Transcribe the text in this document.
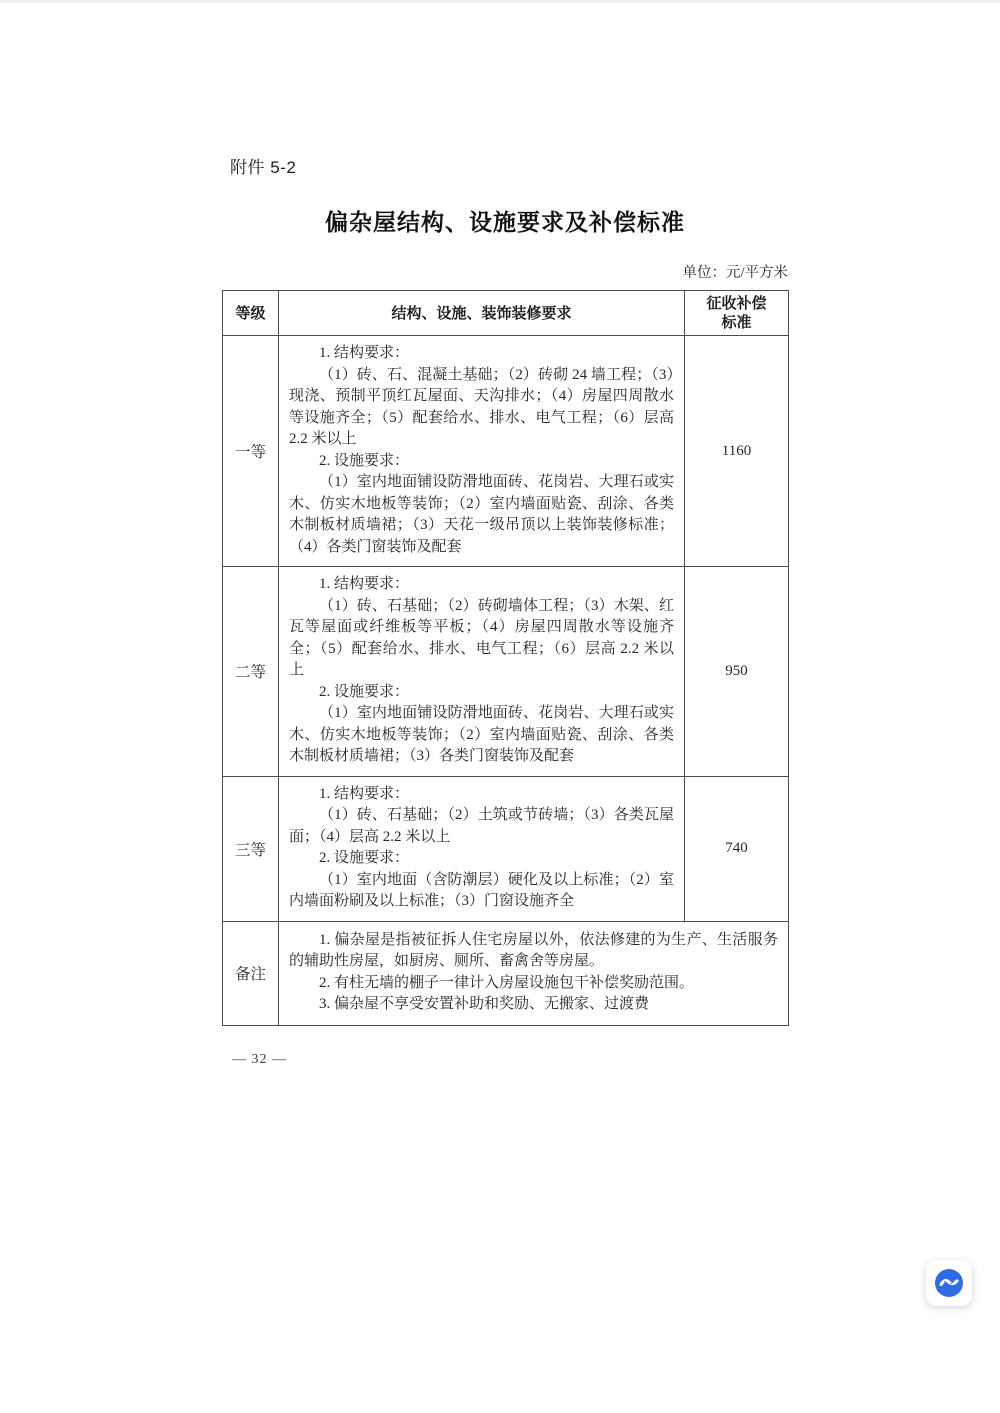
附件 5-2
偏杂屋结构、设施要求及补偿标准
单位：元/平方米
等级	结构、设施、装饰装修要求	征收补偿
标准

一等	1. 结构要求：

（1）砖、石、混凝土基础；（2）砖砌 24 墙工程；（3）现浇、预制平顶红瓦屋面、天沟排水；（4）房屋四周散水等设施齐全；（5）配套给水、排水、电气工程；（6）层高 2.2 米以上

2. 设施要求：

（1）室内地面铺设防滑地面砖、花岗岩、大理石或实木、仿实木地板等装饰；（2）室内墙面贴瓷、刮涂、各类木制板材质墙裙；（3）天花一级吊顶以上装饰装修标准；（4）各类门窗装饰及配套	1160
二等	1. 结构要求：

（1）砖、石基础；（2）砖砌墙体工程；（3）木架、红瓦等屋面或纤维板等平板；（4）房屋四周散水等设施齐全；（5）配套给水、排水、电气工程；（6）层高 2.2 米以上

2. 设施要求：

（1）室内地面铺设防滑地面砖、花岗岩、大理石或实木、仿实木地板等装饰；（2）室内墙面贴瓷、刮涂、各类木制板材质墙裙；（3）各类门窗装饰及配套	950
三等	1. 结构要求：

（1）砖、石基础；（2）土筑或节砖墙；（3）各类瓦屋面；（4）层高 2.2 米以上

2. 设施要求：

（1）室内地面（含防潮层）硬化及以上标准；（2）室内墙面粉刷及以上标准；（3）门窗设施齐全	740
备注	1. 偏杂屋是指被征拆人住宅房屋以外，依法修建的为生产、生活服务的辅助性房屋，如厨房、厕所、畜禽舍等房屋。

2. 有柱无墙的棚子一律计入房屋设施包干补偿奖励范围。

3. 偏杂屋不享受安置补助和奖励、无搬家、过渡费	

— 32 —
